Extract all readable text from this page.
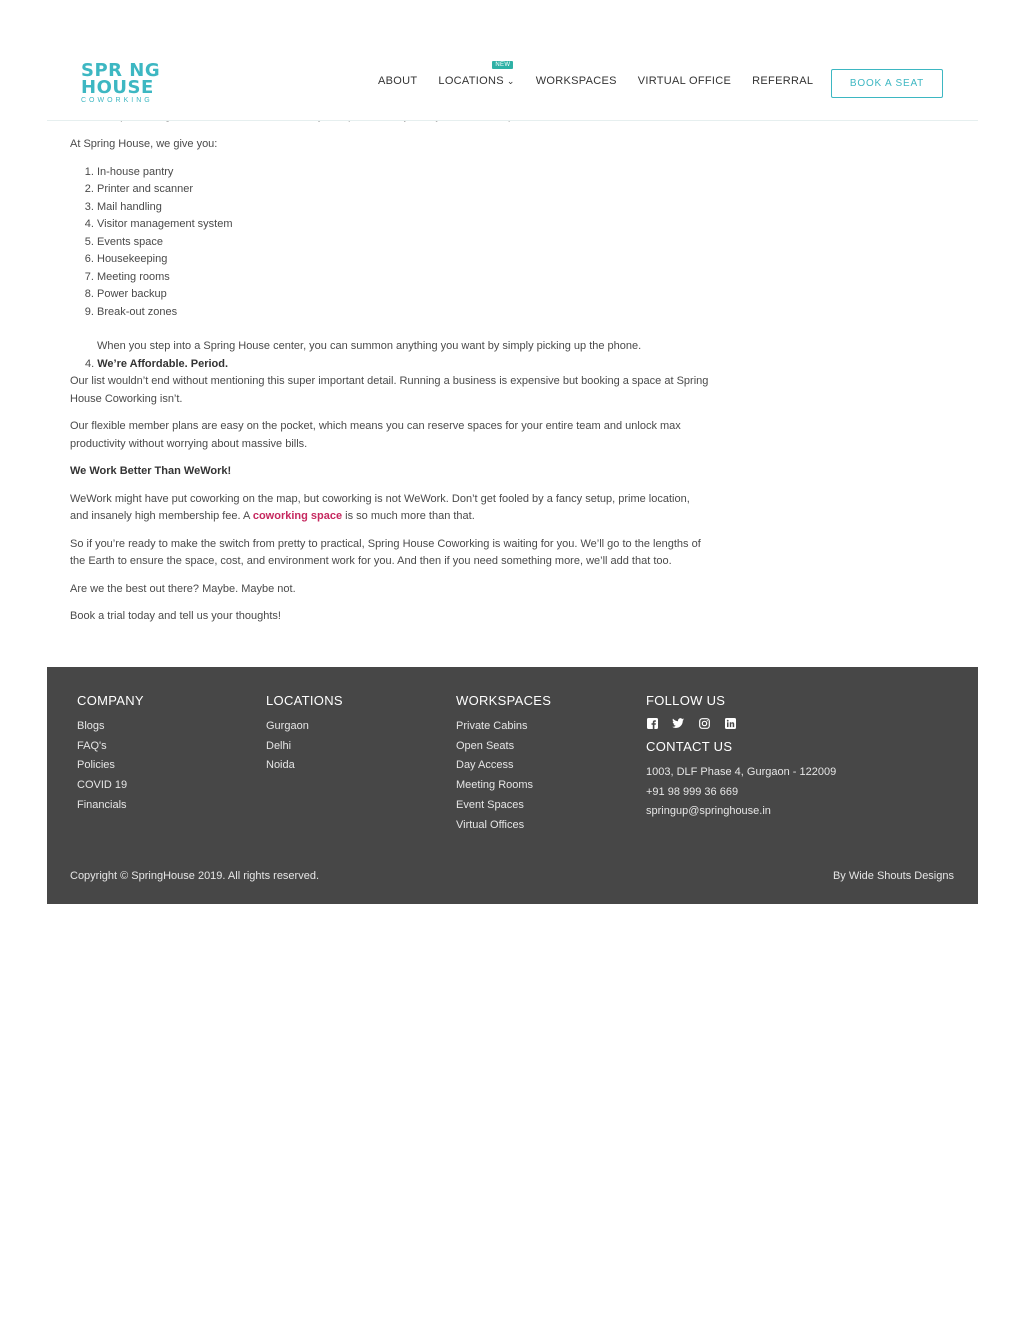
SPR NG
HOUSE
COWORKING
ABOUT
NEW
LOCATIONS ⌄ WORKSPACES VIRTUAL OFFICE REFERRAL	BOOK A SEAT

At Spring House, we give you:

1. In-house pantry
2. Printer and scanner
3. Mail handling
4. Visitor management system
5. Events space
6. Housekeeping
7. Meeting rooms
8. Power backup
9. Break-out zones

When you step into a Spring House center, you can summon anything you want by simply picking up the phone.

4. We’re Affordable. Period.

Our list wouldn’t end without mentioning this super important detail. Running a business is expensive but booking a space at Spring House Coworking isn’t.

Our flexible member plans are easy on the pocket, which means you can reserve spaces for your entire team and unlock max productivity without worrying about massive bills.

We Work Better Than WeWork!

WeWork might have put coworking on the map, but coworking is not WeWork. Don’t get fooled by a fancy setup, prime location, and insanely high membership fee. A coworking space is so much more than that.

So if you’re ready to make the switch from pretty to practical, Spring House Coworking is waiting for you. We’ll go to the lengths of the Earth to ensure the space, cost, and environment work for you. And then if you need something more, we’ll add that too.

Are we the best out there? Maybe. Maybe not.

Book a trial today and tell us your thoughts!

COMPANY
Blogs
FAQ's
Policies
COVID 19
Financials
LOCATIONS
Gurgaon
Delhi
Noida
WORKSPACES
Private Cabins
Open Seats
Day Access
Meeting Rooms
Event Spaces
Virtual Offices
FOLLOW US
CONTACT US
1003, DLF Phase 4, Gurgaon - 122009
+91 98 999 36 669
springup@springhouse.in
Copyright © SpringHouse 2019. All rights reserved.	By Wide Shouts Designs
